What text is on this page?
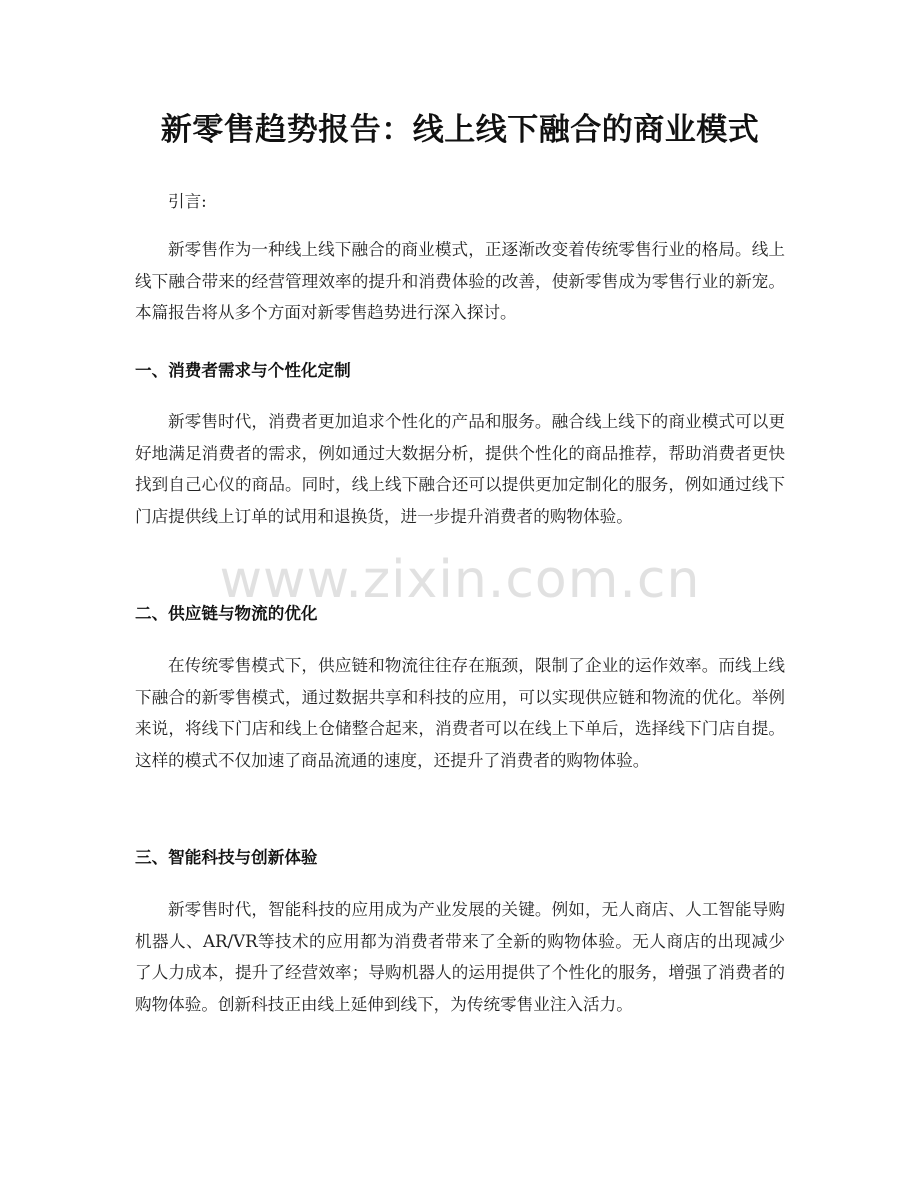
新零售趋势报告：线上线下融合的商业模式
引言:

新零售作为一种线上线下融合的商业模式，正逐渐改变着传统零售行业的格局。线上线下融合带来的经营管理效率的提升和消费体验的改善，使新零售成为零售行业的新宠。本篇报告将从多个方面对新零售趋势进行深入探讨。

一、消费者需求与个性化定制

新零售时代，消费者更加追求个性化的产品和服务。融合线上线下的商业模式可以更好地满足消费者的需求，例如通过大数据分析，提供个性化的商品推荐，帮助消费者更快找到自己心仪的商品。同时，线上线下融合还可以提供更加定制化的服务，例如通过线下门店提供线上订单的试用和退换货，进一步提升消费者的购物体验。

二、供应链与物流的优化

在传统零售模式下，供应链和物流往往存在瓶颈，限制了企业的运作效率。而线上线下融合的新零售模式，通过数据共享和科技的应用，可以实现供应链和物流的优化。举例来说，将线下门店和线上仓储整合起来，消费者可以在线上下单后，选择线下门店自提。这样的模式不仅加速了商品流通的速度，还提升了消费者的购物体验。

三、智能科技与创新体验

新零售时代，智能科技的应用成为产业发展的关键。例如，无人商店、人工智能导购机器人、AR/VR等技术的应用都为消费者带来了全新的购物体验。无人商店的出现减少了人力成本，提升了经营效率；导购机器人的运用提供了个性化的服务，增强了消费者的购物体验。创新科技正由线上延伸到线下，为传统零售业注入活力。

www.zixin.com.cn
